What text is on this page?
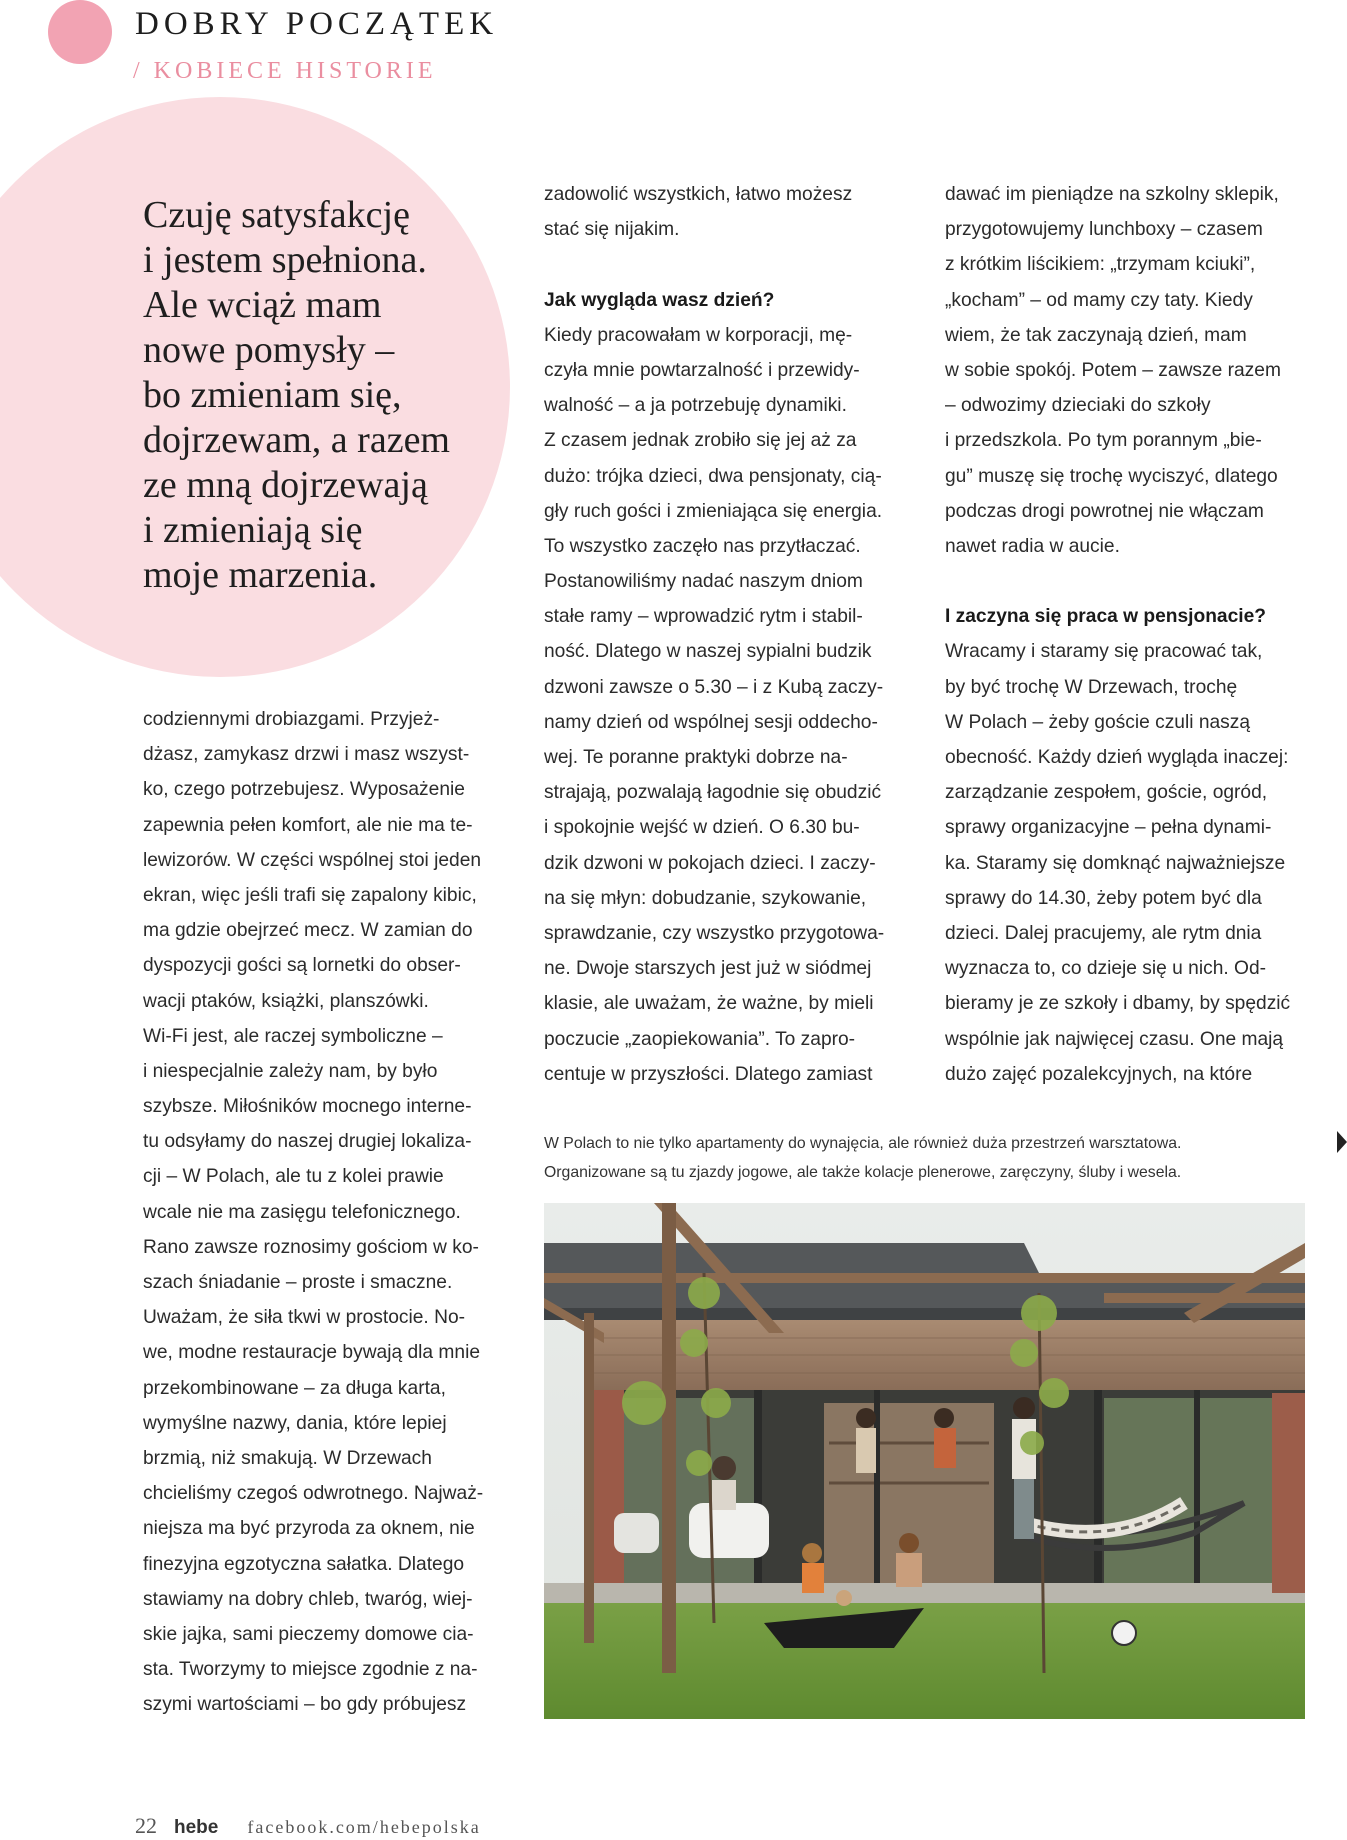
DOBRY POCZĄTEK
/ KOBIECE HISTORIE
Czuję satysfakcję
i jestem spełniona.
Ale wciąż mam
nowe pomysły –
bo zmieniam się,
dojrzewam, a razem
ze mną dojrzewają
i zmieniają się
moje marzenia.
codziennymi drobiazgami. Przyjeż-
dżasz, zamykasz drzwi i masz wszyst-
ko, czego potrzebujesz. Wyposażenie
zapewnia pełen komfort, ale nie ma te-
lewizorów. W części wspólnej stoi jeden
ekran, więc jeśli trafi się zapalony kibic,
ma gdzie obejrzeć mecz. W zamian do
dyspozycji gości są lornetki do obser-
wacji ptaków, książki, planszówki.
Wi-Fi jest, ale raczej symboliczne –
i niespecjalnie zależy nam, by było
szybsze. Miłośników mocnego interne-
tu odsyłamy do naszej drugiej lokaliza-
cji – W Polach, ale tu z kolei prawie
wcale nie ma zasięgu telefonicznego.
Rano zawsze roznosimy gościom w ko-
szach śniadanie – proste i smaczne.
Uważam, że siła tkwi w prostocie. No-
we, modne restauracje bywają dla mnie
przekombinowane – za długa karta,
wymyślne nazwy, dania, które lepiej
brzmią, niż smakują. W Drzewach
chcieliśmy czegoś odwrotnego. Najważ-
niejsza ma być przyroda za oknem, nie
finezyjna egzotyczna sałatka. Dlatego
stawiamy na dobry chleb, twaróg, wiej-
skie jajka, sami pieczemy domowe cia-
sta. Tworzymy to miejsce zgodnie z na-
szymi wartościami – bo gdy próbujesz
zadowolić wszystkich, łatwo możesz
stać się nijakim.
Jak wygląda wasz dzień?
Kiedy pracowałam w korporacji, mę-
czyła mnie powtarzalność i przewidy-
walność – a ja potrzebuję dynamiki.
Z czasem jednak zrobiło się jej aż za
dużo: trójka dzieci, dwa pensjonaty, cią-
gły ruch gości i zmieniająca się energia.
To wszystko zaczęło nas przytłaczać.
Postanowiliśmy nadać naszym dniom
stałe ramy – wprowadzić rytm i stabil-
ność. Dlatego w naszej sypialni budzik
dzwoni zawsze o 5.30 – i z Kubą zaczy-
namy dzień od wspólnej sesji oddecho-
wej. Te poranne praktyki dobrze na-
strajają, pozwalają łagodnie się obudzić
i spokojnie wejść w dzień. O 6.30 bu-
dzik dzwoni w pokojach dzieci. I zaczy-
na się młyn: dobudzanie, szykowanie,
sprawdzanie, czy wszystko przygotowa-
ne. Dwoje starszych jest już w siódmej
klasie, ale uważam, że ważne, by mieli
poczucie „zaopiekowania”. To zapro-
centuje w przyszłości. Dlatego zamiast
dawać im pieniądze na szkolny sklepik,
przygotowujemy lunchboxy – czasem
z krótkim liścikiem: „trzymam kciuki”,
„kocham” – od mamy czy taty. Kiedy
wiem, że tak zaczynają dzień, mam
w sobie spokój. Potem – zawsze razem
– odwozimy dzieciaki do szkoły
i przedszkola. Po tym porannym „bie-
gu” muszę się trochę wyciszyć, dlatego
podczas drogi powrotnej nie włączam
nawet radia w aucie.
I zaczyna się praca w pensjonacie?
Wracamy i staramy się pracować tak,
by być trochę W Drzewach, trochę
W Polach – żeby goście czuli naszą
obecność. Każdy dzień wygląda inaczej:
zarządzanie zespołem, goście, ogród,
sprawy organizacyjne – pełna dynami-
ka. Staramy się domknąć najważniejsze
sprawy do 14.30, żeby potem być dla
dzieci. Dalej pracujemy, ale rytm dnia
wyznacza to, co dzieje się u nich. Od-
bieramy je ze szkoły i dbamy, by spędzić
wspólnie jak najwięcej czasu. One mają
dużo zajęć pozalekcyjnych, na które
W Polach to nie tylko apartamenty do wynajęcia, ale również duża przestrzeń warsztatowa.
Organizowane są tu zjazdy jogowe, ale także kolacje plenerowe, zaręczyny, śluby i wesela.
22 hebe facebook.com/hebepolska
